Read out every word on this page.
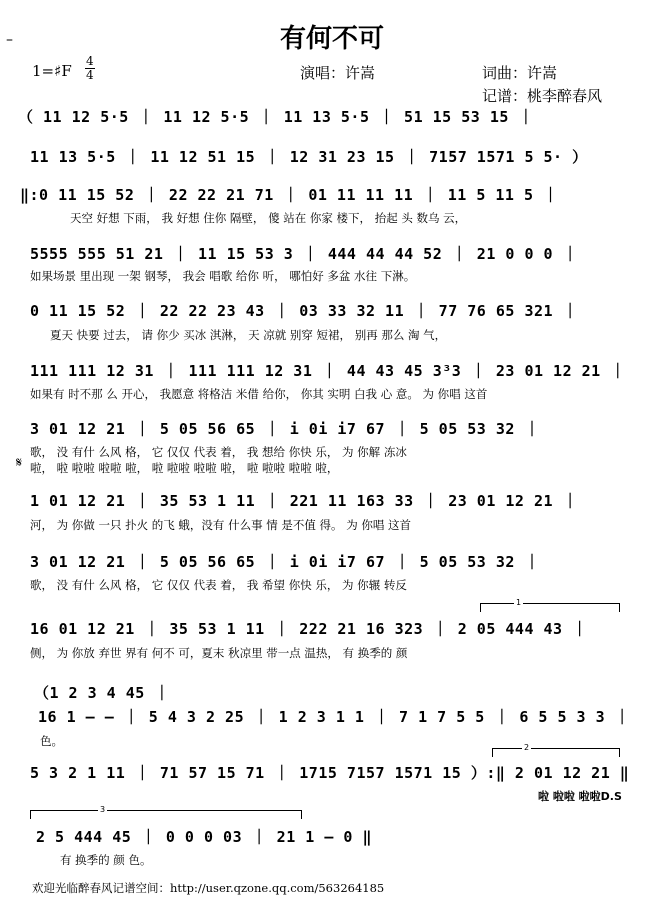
–	有何不可
1=♯F
4
4	演唱：许嵩	词曲：许嵩
记谱：桃李醉春风
（ 11 12 5·5 ｜ 11 12 5·5 ｜ 11 13 5·5 ｜ 51 15 53 15 ｜
11 13 5·5 ｜ 11 12 51 15 ｜ 12 31 23 15 ｜ 7157 1571 5 5· ）
‖:0 11 15 52 ｜ 22 22 21 71 ｜ 01 11 11 11 ｜ 11 5 11 5 ｜
天空 好想 下雨， 我 好想 住你 隔壁， 傻 站在 你家 楼下， 抬起 头 数乌 云，
5555 555 51 21 ｜ 11 15 53 3 ｜ 444 44 44 52 ｜ 21 0 0 0 ｜
如果场景 里出现 一架 钢琴， 我会 唱歌 给你 听， 哪怕好 多盆 水往 下淋。
0 11 15 52 ｜ 22 22 23 43 ｜ 03 33 32 11 ｜ 77 76 65 321 ｜
夏天 快要 过去， 请 你少 买冰 淇淋， 天 凉就 别穿 短裙， 别再 那么 淘 气，
111 111 12 31 ｜ 111 111 12 31 ｜ 44 43 45 3³3 ｜ 23 01 12 21 ｜
如果有 时不那 么 开心， 我愿意 将格洁 米借 给你， 你其 实明 白我 心 意。 为 你唱 这首
3 01 12 21 ｜ 5 05 56 65 ｜ i 0i i7 67 ｜ 5 05 53 32 ｜
歌， 没 有什 么风 格， 它 仅仅 代表 着， 我 想给 你快 乐， 为 你解 冻冰
𝄋 啦， 啦 啦啦 啦啦 啦， 啦 啦啦 啦啦 啦， 啦 啦啦 啦啦 啦，
1 01 12 21 ｜ 35 53 1 11 ｜ 221 11 163 33 ｜ 23 01 12 21 ｜
河， 为 你做 一只 扑火 的飞 蛾，没有 什么事 情 是不值 得。 为 你唱 这首
3 01 12 21 ｜ 5 05 56 65 ｜ i 0i i7 67 ｜ 5 05 53 32 ｜
歌， 没 有什 么风 格， 它 仅仅 代表 着， 我 希望 你快 乐， 为 你辗 转反
1
16 01 12 21 ｜ 35 53 1 11 ｜ 222 21 16 323 ｜ 2 05 444 43 ｜
侧， 为 你放 弃世 界有 何不 可，夏末 秋凉里 带一点 温热， 有 换季的 颜
（1 2 3 4 45 ｜
16 1 – – ｜ 5 4 3 2 25 ｜ 1 2 3 1 1 ｜ 7 1 7 5 5 ｜ 6 5 5 3 3 ｜
色。	2
5 3 2 1 11 ｜ 71 57 15 71 ｜ 1715 7157 1571 15 ）:‖ 2 01 12 21 ‖
啦 啦啦 啦啦D.S
3
2 5 444 45 ｜ 0 0 0 03 ｜ 21 1 – 0 ‖
有 换季的 颜 色。
欢迎光临醉春风记谱空间：http://user.qzone.qq.com/563264185
